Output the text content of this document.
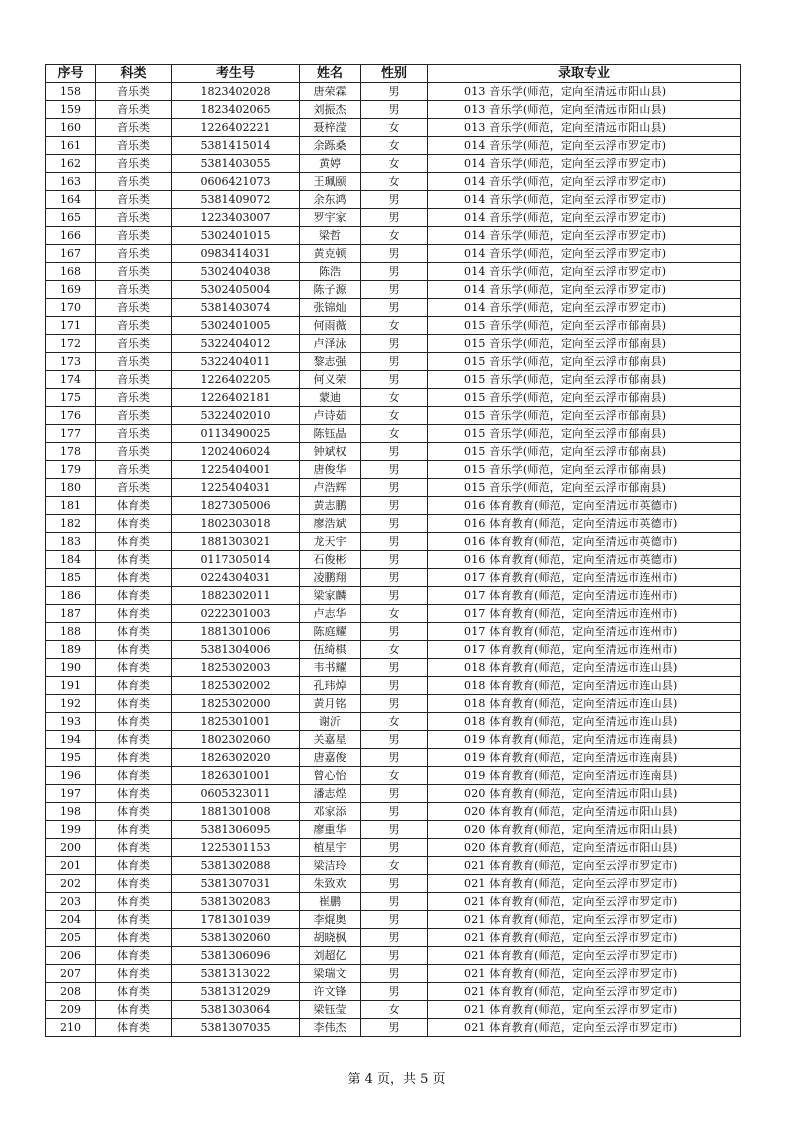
序号	科类	考生号	姓名	性别	录取专业
158	音乐类	1823402028	唐荣霖	男	013 音乐学(师范，定向至清远市阳山县)
159	音乐类	1823402065	刘振杰	男	013 音乐学(师范，定向至清远市阳山县)
160	音乐类	1226402221	聂梓滢	女	013 音乐学(师范，定向至清远市阳山县)
161	音乐类	5381415014	余跞桑	女	014 音乐学(师范，定向至云浮市罗定市)
162	音乐类	5381403055	黄婷	女	014 音乐学(师范，定向至云浮市罗定市)
163	音乐类	0606421073	王珮颐	女	014 音乐学(师范，定向至云浮市罗定市)
164	音乐类	5381409072	余东鸿	男	014 音乐学(师范，定向至云浮市罗定市)
165	音乐类	1223403007	罗宇家	男	014 音乐学(师范，定向至云浮市罗定市)
166	音乐类	5302401015	梁哲	女	014 音乐学(师范，定向至云浮市罗定市)
167	音乐类	0983414031	黄克顿	男	014 音乐学(师范，定向至云浮市罗定市)
168	音乐类	5302404038	陈浩	男	014 音乐学(师范，定向至云浮市罗定市)
169	音乐类	5302405004	陈子源	男	014 音乐学(师范，定向至云浮市罗定市)
170	音乐类	5381403074	张锦灿	男	014 音乐学(师范，定向至云浮市罗定市)
171	音乐类	5302401005	何雨薇	女	015 音乐学(师范，定向至云浮市郁南县)
172	音乐类	5322404012	卢泽泳	男	015 音乐学(师范，定向至云浮市郁南县)
173	音乐类	5322404011	黎志强	男	015 音乐学(师范，定向至云浮市郁南县)
174	音乐类	1226402205	何义荣	男	015 音乐学(师范，定向至云浮市郁南县)
175	音乐类	1226402181	蒙迪	女	015 音乐学(师范，定向至云浮市郁南县)
176	音乐类	5322402010	卢诗茹	女	015 音乐学(师范，定向至云浮市郁南县)
177	音乐类	0113490025	陈钰晶	女	015 音乐学(师范，定向至云浮市郁南县)
178	音乐类	1202406024	钟斌权	男	015 音乐学(师范，定向至云浮市郁南县)
179	音乐类	1225404001	唐俊华	男	015 音乐学(师范，定向至云浮市郁南县)
180	音乐类	1225404031	卢浩辉	男	015 音乐学(师范，定向至云浮市郁南县)
181	体育类	1827305006	黄志鹏	男	016 体育教育(师范，定向至清远市英德市)
182	体育类	1802303018	廖浩斌	男	016 体育教育(师范，定向至清远市英德市)
183	体育类	1881303021	龙天宇	男	016 体育教育(师范，定向至清远市英德市)
184	体育类	0117305014	石俊彬	男	016 体育教育(师范，定向至清远市英德市)
185	体育类	0224304031	凌鹏翔	男	017 体育教育(师范，定向至清远市连州市)
186	体育类	1882302011	梁家麟	男	017 体育教育(师范，定向至清远市连州市)
187	体育类	0222301003	卢志华	女	017 体育教育(师范，定向至清远市连州市)
188	体育类	1881301006	陈庭耀	男	017 体育教育(师范，定向至清远市连州市)
189	体育类	5381304006	伍绮棋	女	017 体育教育(师范，定向至清远市连州市)
190	体育类	1825302003	韦书耀	男	018 体育教育(师范，定向至清远市连山县)
191	体育类	1825302002	孔玮焯	男	018 体育教育(师范，定向至清远市连山县)
192	体育类	1825302000	黄月铭	男	018 体育教育(师范，定向至清远市连山县)
193	体育类	1825301001	谢沂	女	018 体育教育(师范，定向至清远市连山县)
194	体育类	1802302060	关嘉星	男	019 体育教育(师范，定向至清远市连南县)
195	体育类	1826302020	唐嘉俊	男	019 体育教育(师范，定向至清远市连南县)
196	体育类	1826301001	曾心怡	女	019 体育教育(师范，定向至清远市连南县)
197	体育类	0605323011	潘志煌	男	020 体育教育(师范，定向至清远市阳山县)
198	体育类	1881301008	邓家添	男	020 体育教育(师范，定向至清远市阳山县)
199	体育类	5381306095	廖重华	男	020 体育教育(师范，定向至清远市阳山县)
200	体育类	1225301153	植星宇	男	020 体育教育(师范，定向至清远市阳山县)
201	体育类	5381302088	梁洁玲	女	021 体育教育(师范，定向至云浮市罗定市)
202	体育类	5381307031	朱致欢	男	021 体育教育(师范，定向至云浮市罗定市)
203	体育类	5381302083	崔鹏	男	021 体育教育(师范，定向至云浮市罗定市)
204	体育类	1781301039	李焜奥	男	021 体育教育(师范，定向至云浮市罗定市)
205	体育类	5381302060	胡晓枫	男	021 体育教育(师范，定向至云浮市罗定市)
206	体育类	5381306096	刘超亿	男	021 体育教育(师范，定向至云浮市罗定市)
207	体育类	5381313022	梁瑞文	男	021 体育教育(师范，定向至云浮市罗定市)
208	体育类	5381312029	许文锋	男	021 体育教育(师范，定向至云浮市罗定市)
209	体育类	5381303064	梁钰莹	女	021 体育教育(师范，定向至云浮市罗定市)
210	体育类	5381307035	李伟杰	男	021 体育教育(师范，定向至云浮市罗定市)
第 4 页，共 5 页
